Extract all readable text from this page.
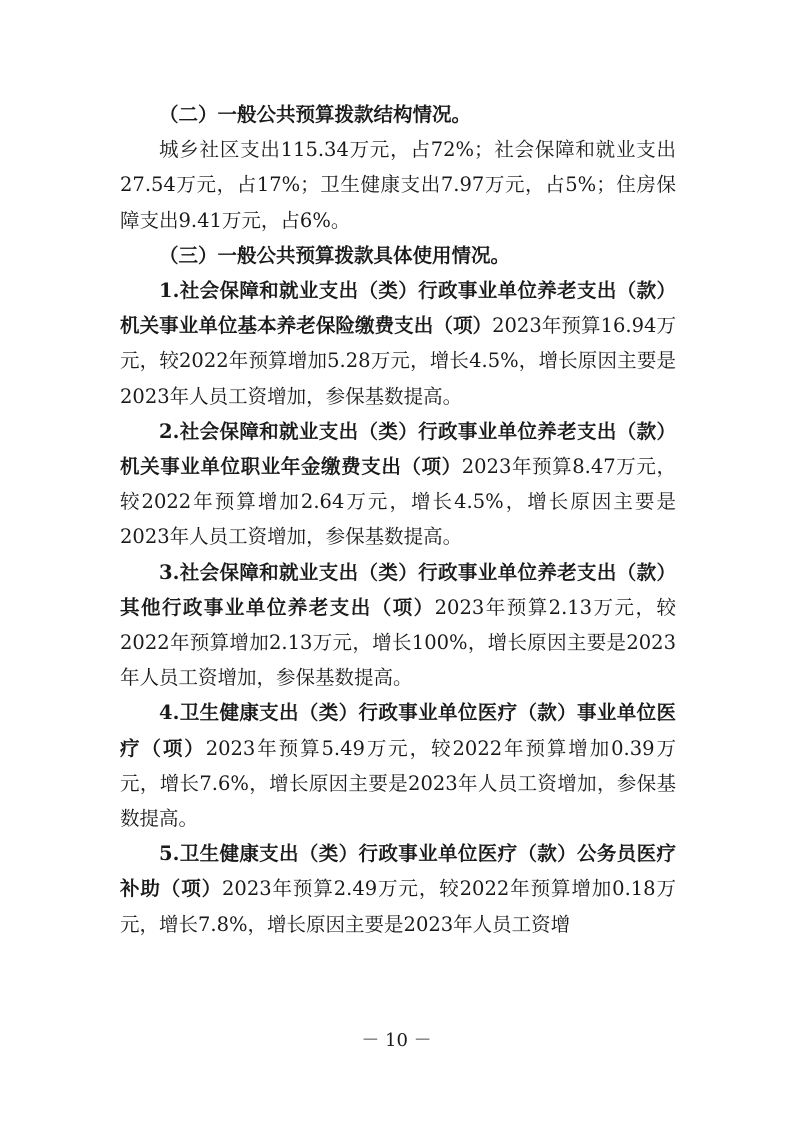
（二）一般公共预算拨款结构情况。

城乡社区支出115.34万元，占72%；社会保障和就业支出27.54万元，占17%；卫生健康支出7.97万元，占5%；住房保障支出9.41万元，占6%。

（三）一般公共预算拨款具体使用情况。

1.社会保障和就业支出（类）行政事业单位养老支出（款）机关事业单位基本养老保险缴费支出（项）2023年预算16.94万元，较2022年预算增加5.28万元，增长4.5%，增长原因主要是2023年人员工资增加，参保基数提高。

2.社会保障和就业支出（类）行政事业单位养老支出（款）机关事业单位职业年金缴费支出（项）2023年预算8.47万元，较2022年预算增加2.64万元，增长4.5%，增长原因主要是2023年人员工资增加，参保基数提高。

3.社会保障和就业支出（类）行政事业单位养老支出（款）其他行政事业单位养老支出（项）2023年预算2.13万元，较2022年预算增加2.13万元，增长100%，增长原因主要是2023年人员工资增加，参保基数提高。

4.卫生健康支出（类）行政事业单位医疗（款）事业单位医疗（项）2023年预算5.49万元，较2022年预算增加0.39万元，增长7.6%，增长原因主要是2023年人员工资增加，参保基数提高。

5.卫生健康支出（类）行政事业单位医疗（款）公务员医疗补助（项）2023年预算2.49万元，较2022年预算增加0.18万元，增长7.8%，增长原因主要是2023年人员工资增

－ 10 －
